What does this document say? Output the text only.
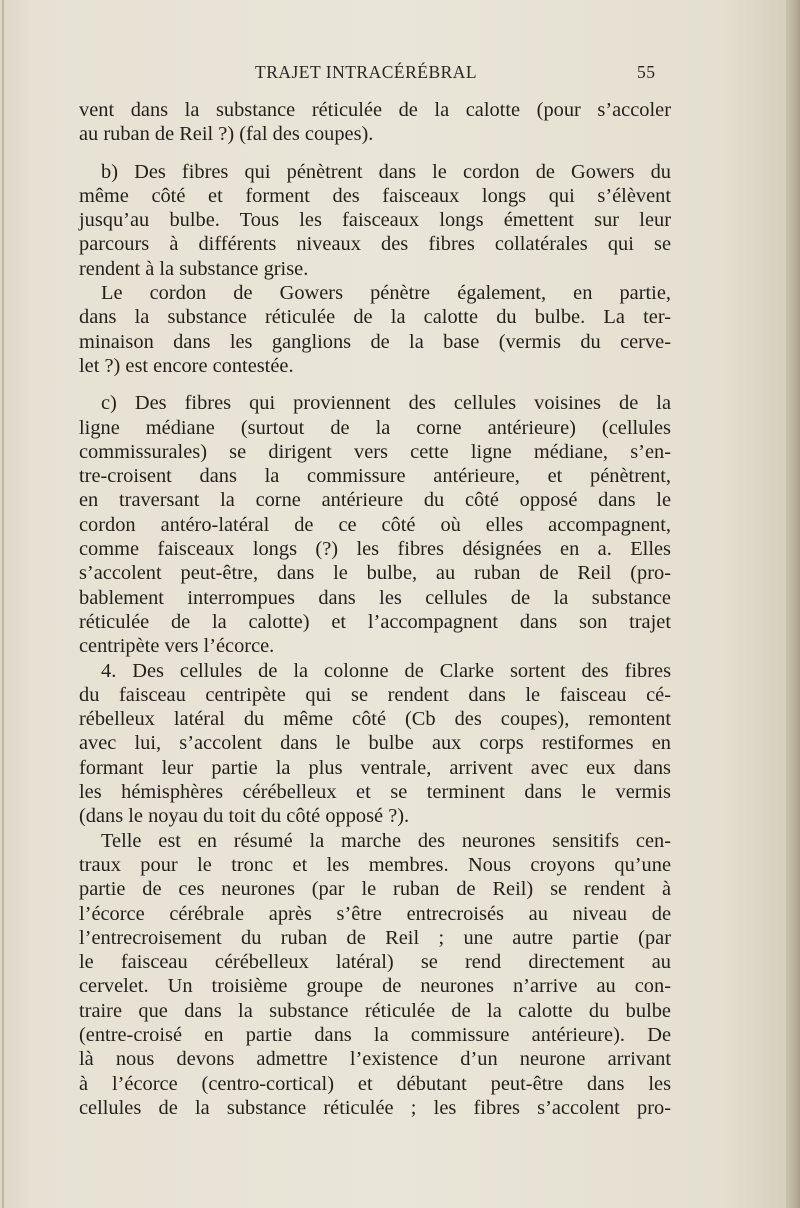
TRAJET INTRACÉRÉBRAL	55
vent dans la substance réticulée de la calotte (pour s’accoler
au ruban de Reil ?) (fal des coupes).
b) Des fibres qui pénètrent dans le cordon de Gowers du
même côté et forment des faisceaux longs qui s’élèvent
jusqu’au bulbe. Tous les faisceaux longs émettent sur leur
parcours à différents niveaux des fibres collatérales qui se
rendent à la substance grise.
Le cordon de Gowers pénètre également, en partie,
dans la substance réticulée de la calotte du bulbe. La ter-
minaison dans les ganglions de la base (vermis du cerve-
let ?) est encore contestée.
c) Des fibres qui proviennent des cellules voisines de la
ligne médiane (surtout de la corne antérieure) (cellules
commissurales) se dirigent vers cette ligne médiane, s’en-
tre-croisent dans la commissure antérieure, et pénètrent,
en traversant la corne antérieure du côté opposé dans le
cordon antéro-latéral de ce côté où elles accompagnent,
comme faisceaux longs (?) les fibres désignées en a. Elles
s’accolent peut-être, dans le bulbe, au ruban de Reil (pro-
bablement interrompues dans les cellules de la substance
réticulée de la calotte) et l’accompagnent dans son trajet
centripète vers l’écorce.
4. Des cellules de la colonne de Clarke sortent des fibres
du faisceau centripète qui se rendent dans le faisceau cé-
rébelleux latéral du même côté (Cb des coupes), remontent
avec lui, s’accolent dans le bulbe aux corps restiformes en
formant leur partie la plus ventrale, arrivent avec eux dans
les hémisphères cérébelleux et se terminent dans le vermis
(dans le noyau du toit du côté opposé ?).
Telle est en résumé la marche des neurones sensitifs cen-
traux pour le tronc et les membres. Nous croyons qu’une
partie de ces neurones (par le ruban de Reil) se rendent à
l’écorce cérébrale après s’être entrecroisés au niveau de
l’entrecroisement du ruban de Reil ; une autre partie (par
le faisceau cérébelleux latéral) se rend directement au
cervelet. Un troisième groupe de neurones n’arrive au con-
traire que dans la substance réticulée de la calotte du bulbe
(entre-croisé en partie dans la commissure antérieure). De
là nous devons admettre l’existence d’un neurone arrivant
à l’écorce (centro-cortical) et débutant peut-être dans les
cellules de la substance réticulée ; les fibres s’accolent pro-
